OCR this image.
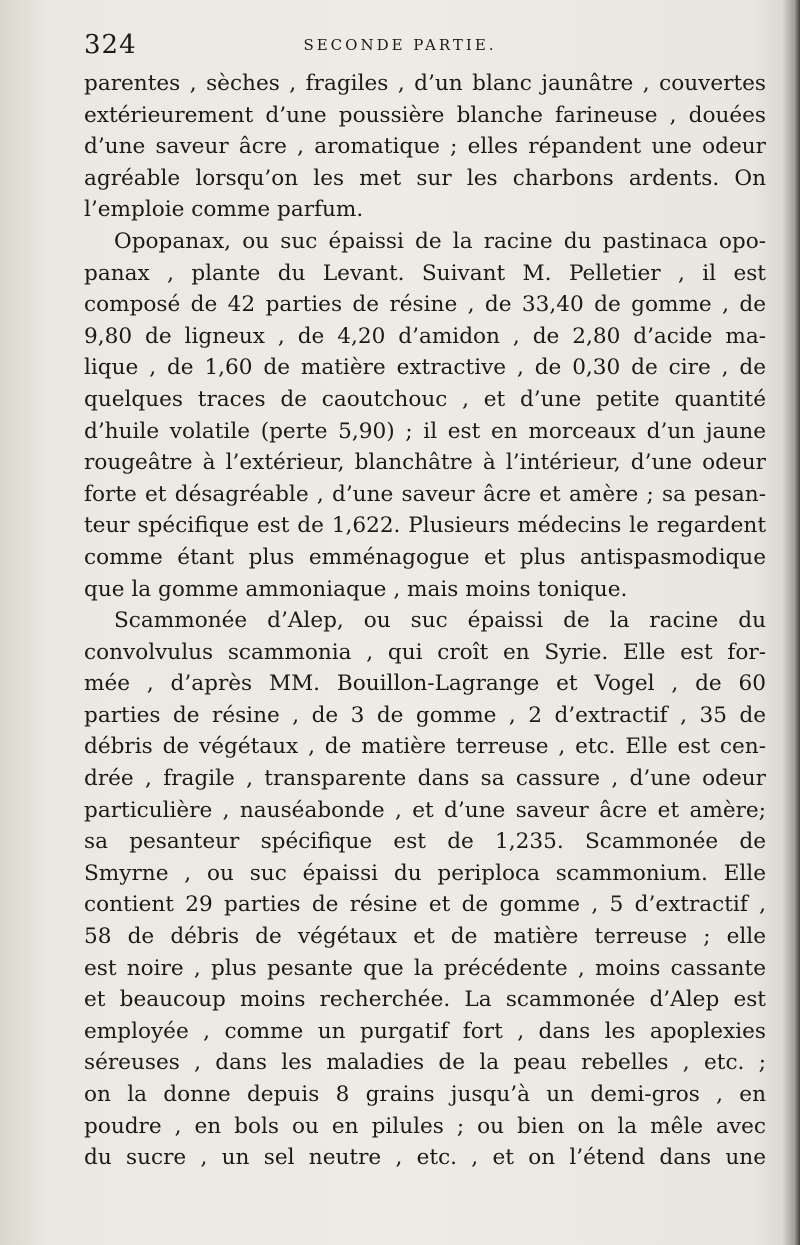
324	SECONDE PARTIE.
parentes , sèches , fragiles , d’un blanc jaunâtre , couvertes
extérieurement d’une poussière blanche farineuse , douées
d’une saveur âcre , aromatique ; elles répandent une odeur
agréable lorsqu’on les met sur les charbons ardents. On
l’emploie comme parfum.
Opopanax, ou suc épaissi de la racine du pastinaca opo-
panax , plante du Levant. Suivant M. Pelletier , il est
composé de 42 parties de résine , de 33,40 de gomme , de
9,80 de ligneux , de 4,20 d’amidon , de 2,80 d’acide ma-
lique , de 1,60 de matière extractive , de 0,30 de cire , de
quelques traces de caoutchouc , et d’une petite quantité
d’huile volatile (perte 5,90) ; il est en morceaux d’un jaune
rougeâtre à l’extérieur, blanchâtre à l’intérieur, d’une odeur
forte et désagréable , d’une saveur âcre et amère ; sa pesan-
teur spécifique est de 1,622. Plusieurs médecins le regardent
comme étant plus emménagogue et plus antispasmodique
que la gomme ammoniaque , mais moins tonique.
Scammonée d’Alep, ou suc épaissi de la racine du
convolvulus scammonia , qui croît en Syrie. Elle est for-
mée , d’après MM. Bouillon-Lagrange et Vogel , de 60
parties de résine , de 3 de gomme , 2 d’extractif , 35 de
débris de végétaux , de matière terreuse , etc. Elle est cen-
drée , fragile , transparente dans sa cassure , d’une odeur
particulière , nauséabonde , et d’une saveur âcre et amère;
sa pesanteur spécifique est de 1,235. Scammonée de
Smyrne , ou suc épaissi du periploca scammonium. Elle
contient 29 parties de résine et de gomme , 5 d’extractif ,
58 de débris de végétaux et de matière terreuse ; elle
est noire , plus pesante que la précédente , moins cassante
et beaucoup moins recherchée. La scammonée d’Alep est
employée , comme un purgatif fort , dans les apoplexies
séreuses , dans les maladies de la peau rebelles , etc. ;
on la donne depuis 8 grains jusqu’à un demi-gros , en
poudre , en bols ou en pilules ; ou bien on la mêle avec
du sucre , un sel neutre , etc. , et on l’étend dans une
